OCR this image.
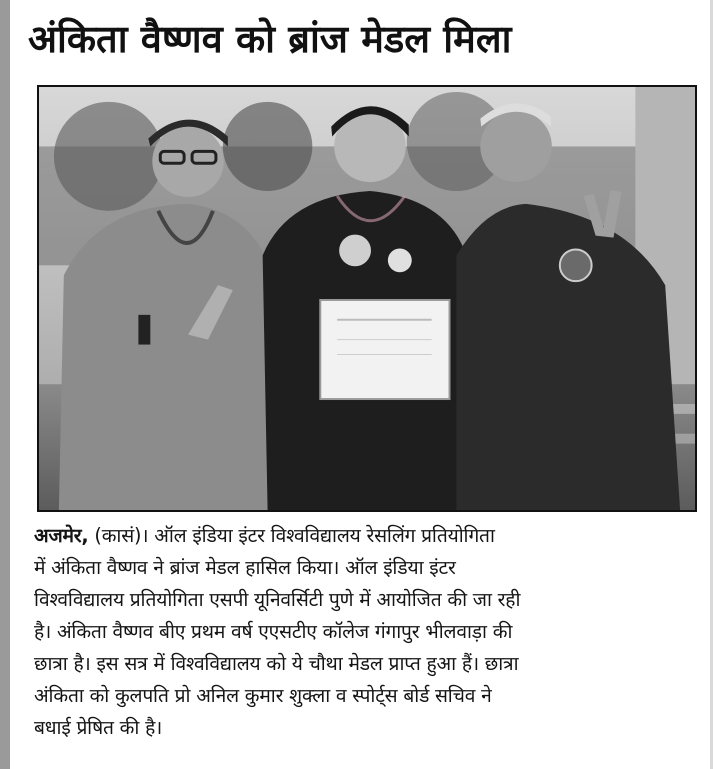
अंकिता वैष्णव को ब्रांज मेडल मिला

अजमेर, (कासं)। ऑल इंडिया इंटर विश्वविद्यालय रेसलिंग प्रतियोगिता
में अंकिता वैष्णव ने ब्रांज मेडल हासिल किया। ऑल इंडिया इंटर
विश्वविद्यालय प्रतियोगिता एसपी यूनिवर्सिटी पुणे में आयोजित की जा रही
है। अंकिता वैष्णव बीए प्रथम वर्ष एएसटीए कॉलेज गंगापुर भीलवाड़ा की
छात्रा है। इस सत्र में विश्वविद्यालय को ये चौथा मेडल प्राप्त हुआ हैं। छात्रा
अंकिता को कुलपति प्रो अनिल कुमार शुक्ला व स्पोर्ट्स बोर्ड सचिव ने
बधाई प्रेषित की है।
